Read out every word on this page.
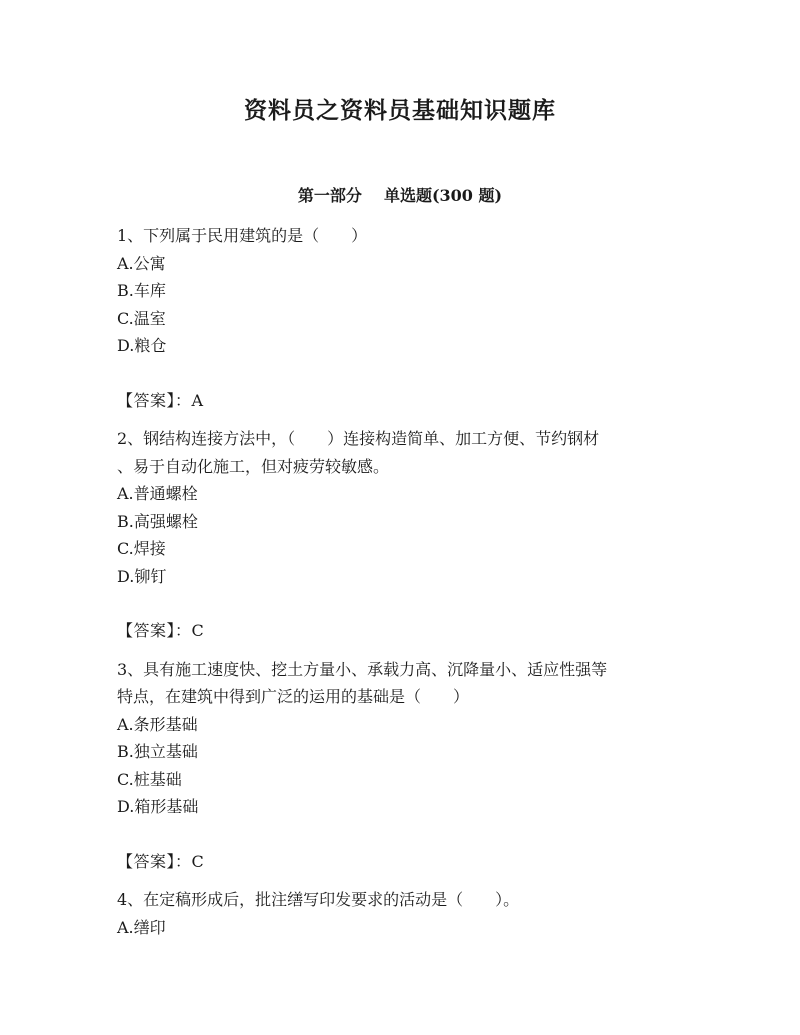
资料员之资料员基础知识题库
第一部分 单选题(300 题)
1、下列属于民用建筑的是（　　）
A.公寓
B.车库
C.温室
D.粮仓
【答案】：A
2、钢结构连接方法中，（　　）连接构造简单、加工方便、节约钢材
、易于自动化施工，但对疲劳较敏感。
A.普通螺栓
B.高强螺栓
C.焊接
D.铆钉
【答案】：C
3、具有施工速度快、挖土方量小、承载力高、沉降量小、适应性强等
特点，在建筑中得到广泛的运用的基础是（　　）
A.条形基础
B.独立基础
C.桩基础
D.箱形基础
【答案】：C
4、在定稿形成后，批注缮写印发要求的活动是（　　）。
A.缮印
